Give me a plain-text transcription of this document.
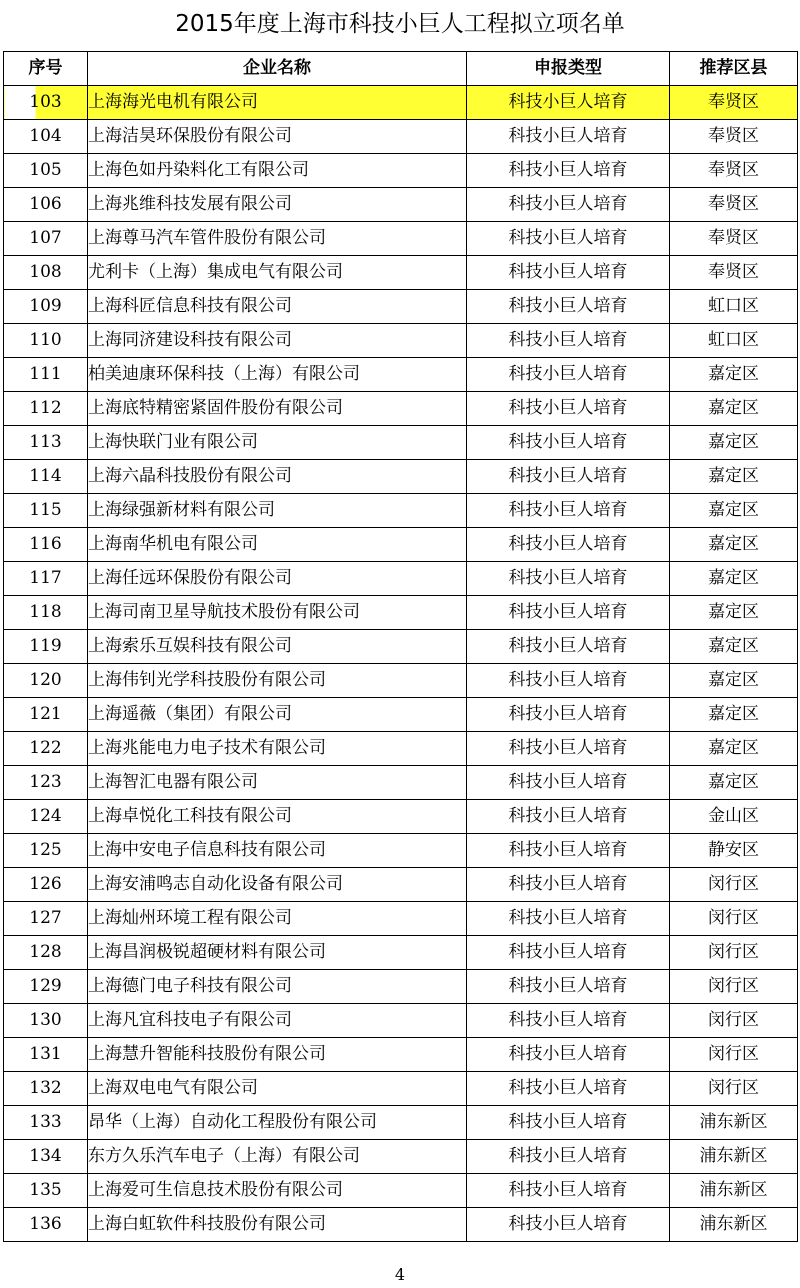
2015年度上海市科技小巨人工程拟立项名单
序号	企业名称	申报类型	推荐区县
103	上海海光电机有限公司	科技小巨人培育	奉贤区
104	上海洁昊环保股份有限公司	科技小巨人培育	奉贤区
105	上海色如丹染料化工有限公司	科技小巨人培育	奉贤区
106	上海兆维科技发展有限公司	科技小巨人培育	奉贤区
107	上海尊马汽车管件股份有限公司	科技小巨人培育	奉贤区
108	尤利卡（上海）集成电气有限公司	科技小巨人培育	奉贤区
109	上海科匠信息科技有限公司	科技小巨人培育	虹口区
110	上海同济建设科技有限公司	科技小巨人培育	虹口区
111	柏美迪康环保科技（上海）有限公司	科技小巨人培育	嘉定区
112	上海底特精密紧固件股份有限公司	科技小巨人培育	嘉定区
113	上海快联门业有限公司	科技小巨人培育	嘉定区
114	上海六晶科技股份有限公司	科技小巨人培育	嘉定区
115	上海绿强新材料有限公司	科技小巨人培育	嘉定区
116	上海南华机电有限公司	科技小巨人培育	嘉定区
117	上海任远环保股份有限公司	科技小巨人培育	嘉定区
118	上海司南卫星导航技术股份有限公司	科技小巨人培育	嘉定区
119	上海索乐互娱科技有限公司	科技小巨人培育	嘉定区
120	上海伟钊光学科技股份有限公司	科技小巨人培育	嘉定区
121	上海遥薇（集团）有限公司	科技小巨人培育	嘉定区
122	上海兆能电力电子技术有限公司	科技小巨人培育	嘉定区
123	上海智汇电器有限公司	科技小巨人培育	嘉定区
124	上海卓悦化工科技有限公司	科技小巨人培育	金山区
125	上海中安电子信息科技有限公司	科技小巨人培育	静安区
126	上海安浦鸣志自动化设备有限公司	科技小巨人培育	闵行区
127	上海灿州环境工程有限公司	科技小巨人培育	闵行区
128	上海昌润极锐超硬材料有限公司	科技小巨人培育	闵行区
129	上海德门电子科技有限公司	科技小巨人培育	闵行区
130	上海凡宜科技电子有限公司	科技小巨人培育	闵行区
131	上海慧升智能科技股份有限公司	科技小巨人培育	闵行区
132	上海双电电气有限公司	科技小巨人培育	闵行区
133	昂华（上海）自动化工程股份有限公司	科技小巨人培育	浦东新区
134	东方久乐汽车电子（上海）有限公司	科技小巨人培育	浦东新区
135	上海爱可生信息技术股份有限公司	科技小巨人培育	浦东新区
136	上海白虹软件科技股份有限公司	科技小巨人培育	浦东新区
4
